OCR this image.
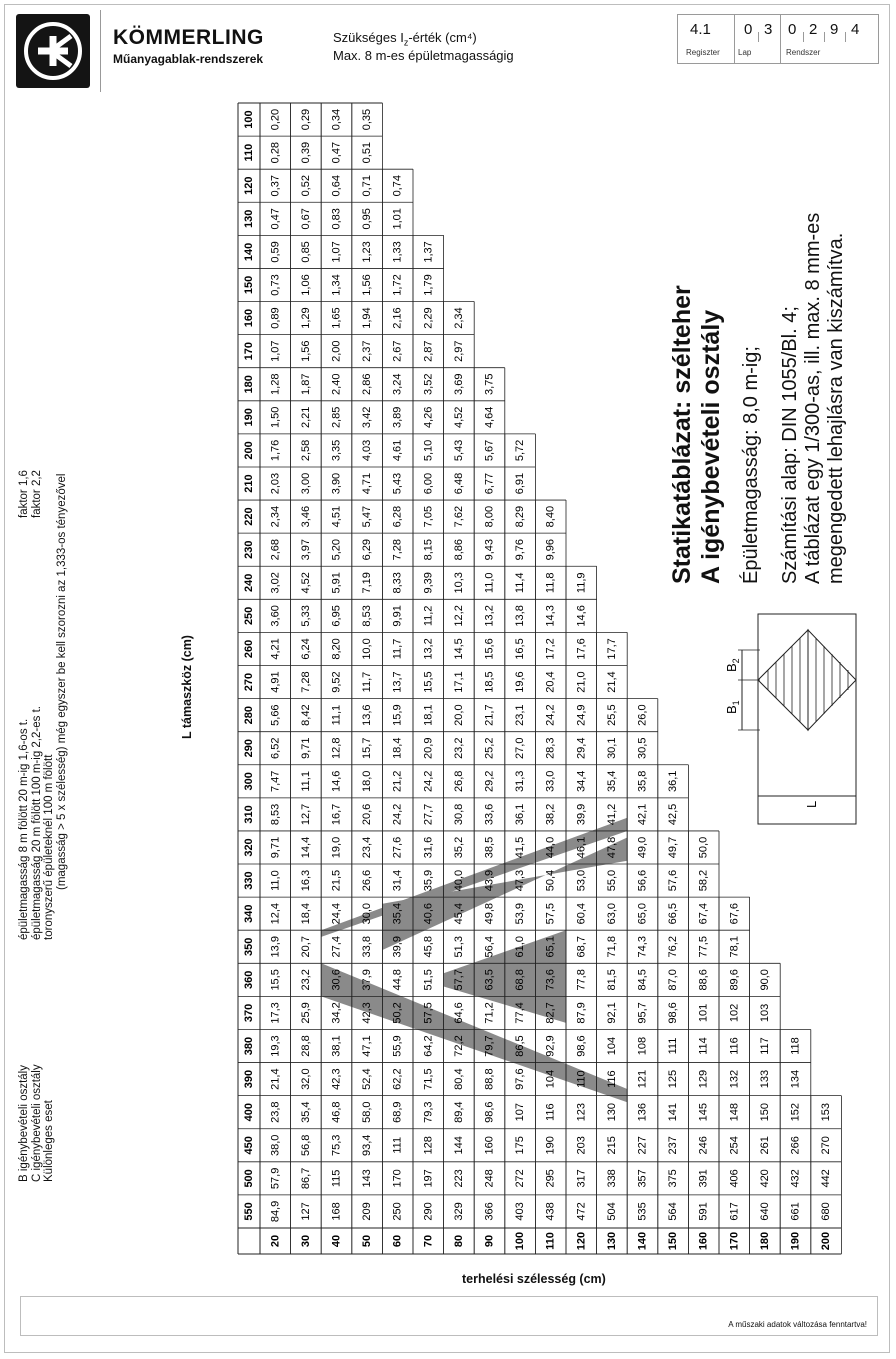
KÖMMERLING
Műanyagablak-rendszerek
Szükséges $I_z$-érték (cm⁴)
Max. 8 m-es épületmagasságig
4.1 0 3 0 2 9 4
Regiszter Lap	Rendszer
B igénybevételi osztály C igénybevételi osztály Különleges eset
épületmagasság 8 m fölött 20 m-ig 1,6-os t. épületmagasság 20 m fölött 100 m-ig 2,2-es t. toronyszerű épületeknél 100 m fölött (magasság > 5 x szélesség) még egyszer be kell szorozni az 1,333-os tényezővel
faktor 1,6 faktor 2,2
L támaszköz (cm)
550
500
450
400
390
380
370
360
350
340
330
320
310
300
290
280
270
260
250
240
230
220
210
200
190
180
170
160
150
140
130
120
110
100
20 30 40 50 60 70 80 90 100 110 120 130 140 150 160 170 180 190 200
84,9
57,9
38,0
23,8
21,4
19,3
17,3
15,5
13,9
12,4
11,0
9,71
8,53
7,47
6,52
5,66
4,91
4,21
3,60
3,02
2,68
2,34
2,03
1,76
1,50
1,28
1,07
0,89
0,73
0,59
0,47
0,37
0,28
0,20
127
86,7
56,8
35,4
32,0
28,8
25,9
23,2
20,7
18,4
16,3
14,4
12,7
11,1
9,71
8,42
7,28
6,24
5,33
4,52
3,97
3,46
3,00
2,58
2,21
1,87
1,56
1,29
1,06
0,85
0,67
0,52
0,39
0,29
168
115
75,3
46,8
42,3
38,1
34,2
30,6
27,4
24,4
21,5
19,0
16,7
14,6
12,8
11,1
9,52
8,20
6,95
5,91
5,20
4,51
3,90
3,35
2,85
2,40
2,00
1,65
1,34
1,07
0,83
0,64
0,47
0,34
209
143
93,4
58,0
52,4
47,1
42,3
37,9
33,8
30,0
26,6
23,4
20,6
18,0
15,7
13,6
11,7
10,0
8,53
7,19
6,29
5,47
4,71
4,03
3,42
2,86
2,37
1,94
1,56
1,23
0,95
0,71
0,51
0,35
250
170
111
68,9
62,2
55,9
50,2
44,8
39,9
35,4
31,4
27,6
24,2
21,2
18,4
15,9
13,7
11,7
9,91
8,33
7,28
6,28
5,43
4,61
3,89
3,24
2,67
2,16
1,72
1,33
1,01
0,74
290
197
128
79,3
71,5
64,2
57,5
51,5
45,8
40,6
35,9
31,6
27,7
24,2
20,9
18,1
15,5
13,2
11,2
9,39
8,15
7,05
6,00
5,10
4,26
3,52
2,87
2,29
1,79
1,37
329
223
144
89,4
80,4
72,2
64,6
57,7
51,3
45,4
40,0
35,2
30,8
26,8
23,2
20,0
17,1
14,5
12,2
10,3
8,86
7,62
6,48
5,43
4,52
3,69
2,97
2,34
366
248
160
98,6
88,8
79,7
71,2
63,5
56,4
49,8
43,9
38,5
33,6
29,2
25,2
21,7
18,5
15,6
13,2
11,0
9,43
8,00
6,77
5,67
4,64
3,75
403
272
175
107
97,6
86,5
77,4
68,8
61,0
53,9
47,3
41,5
36,1
31,3
27,0
23,1
19,6
16,5
13,8
11,4
9,76
8,29
6,91
5,72
438
295
190
116
104
92,9
82,7
73,6
65,1
57,5
50,4
44,0
38,2
33,0
28,3
24,2
20,4
17,2
14,3
11,8
9,96
8,40
472
317
203
123
110
98,6
87,9
77,8
68,7
60,4
53,0
46,1
39,9
34,4
29,4
24,9
21,0
17,6
14,6
11,9
504
338
215
130
116
104
92,1
81,5
71,8
63,0
55,0
47,8
41,2
35,4
30,1
25,5
21,4
17,7
535
357
227
136
121
108
95,7
84,5
74,3
65,0
56,6
49,0
42,1
35,8
30,5
26,0
564
375
237
141
125
111
98,6
87,0
76,2
66,5
57,6
49,7
42,5
36,1
591
391
246
145
129
114
101
88,6
77,5
67,4
58,2
50,0
617
406
254
148
132
116
102
89,6
78,1
67,6
640
420
261
150
133
117
103
90,0
661
432
266
152
134
118
680
442
270
153
terhelési szélesség (cm)
Statikatáblázat: szélteher A igénybevételi osztály Épületmagasság: 8,0 m-ig; Számítási alap: DIN 1055/Bl. 4; A táblázat egy 1/300-as, ill. max. 8 mm-es megengedett lehajlásra van kiszámítva.
$B_1$
$B_2$
L
A műszaki adatok változása fenntartva!
